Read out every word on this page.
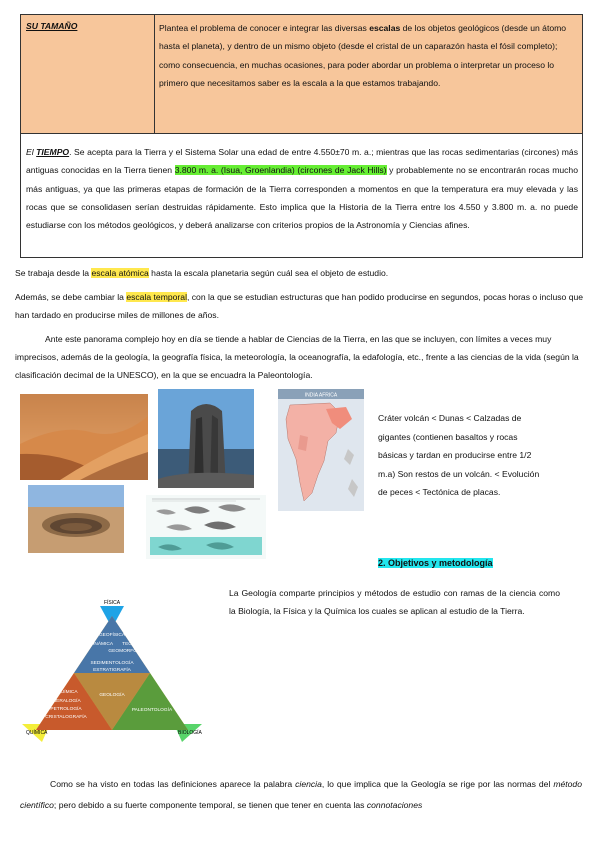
SU TAMAÑO	Plantea el problema de conocer e integrar las diversas escalas de los objetos geológicos (desde un átomo hasta el planeta), y dentro de un mismo objeto (desde el cristal de un caparazón hasta el fósil completo); como consecuencia, en muchas ocasiones, para poder abordar un problema o interpretar un proceso lo primero que necesitamos saber es la escala a la que estamos trabajando.
El TIEMPO. Se acepta para la Tierra y el Sistema Solar una edad de entre 4.550±70 m. a.; mientras que las rocas sedimentarias (circones) más antiguas conocidas en la Tierra tienen 3.800 m. a. (Isua, Groenlandia) (circones de Jack Hills) y probablemente no se encontrarán rocas mucho más antiguas, ya que las primeras etapas de formación de la Tierra corresponden a momentos en que la temperatura era muy elevada y las rocas que se consolidasen serían destruidas rápidamente. Esto implica que la Historia de la Tierra entre los 4.550 y 3.800 m. a. no puede estudiarse con los métodos geológicos, y deberá analizarse con criterios propios de la Astronomía y Ciencias afines.
Se trabaja desde la escala atómica hasta la escala planetaria según cuál sea el objeto de estudio.
Además, se debe cambiar la escala temporal, con la que se estudian estructuras que han podido producirse en segundos, pocas horas o incluso que han tardado en producirse miles de millones de años.
Ante este panorama complejo hoy en día se tiende a hablar de Ciencias de la Tierra, en las que se incluyen, con límites a veces muy imprecisos, además de la geología, la geografía física, la meteorología, la oceanografía, la edafología, etc., frente a las ciencias de la vida (según la clasificación decimal de la UNESCO), en la que se encuadra la Paleontología.
INDIA AFRICA
Cráter volcán < Dunas < Calzadas de gigantes (contienen basaltos y rocas básicas y tardan en producirse entre 1/2 m.a) Son restos de un volcán. < Evolución de peces < Tectónica de placas.
2. Objetivos y metodología
La Geología comparte principios y métodos de estudio con ramas de la ciencia como la Biología, la Física y la Química los cuales se aplican al estudio de la Tierra.
FÍSICA
QUÍMICA	BIOLOGÍA
GEOFÍSICA
GEODINÁMICA TECTÓNICA
GEOMORFOLOGÍA
SEDIMENTOLOGÍA
ESTRATIGRAFÍA
GEOQUÍMICA
MINERALOGÍA
PETROLOGÍA
CRISTALOGRAFÍA
GEOLOGÍA
PALEONTOLOGÍA
Como se ha visto en todas las definiciones aparece la palabra ciencia, lo que implica que la Geología se rige por las normas del método científico; pero debido a su fuerte componente temporal, se tienen que tener en cuenta las connotaciones
